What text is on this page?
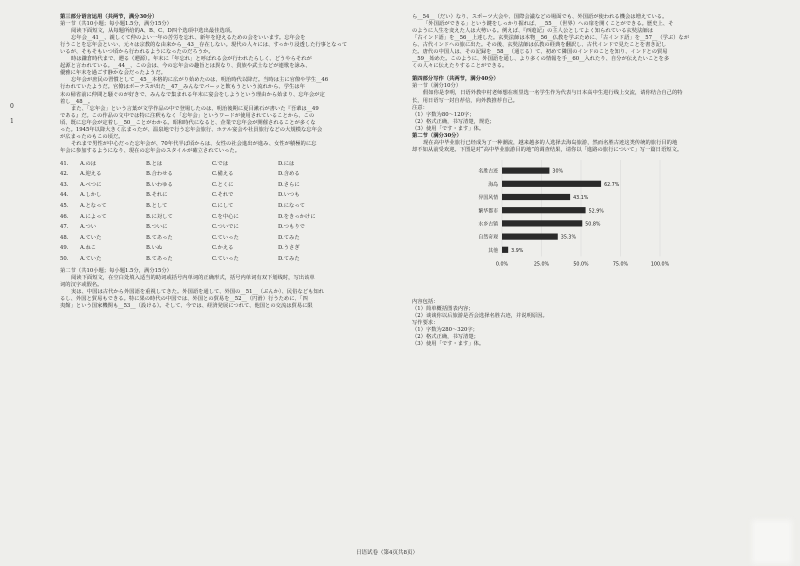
0
1

第三部分语言运用（共两节，满分30分）

第一节（共10小题；每小题1.5分，满分15分）

阅读下面短文，从每题所给的A、B、C、D四个选项中选出最佳选项。

忘年会__41__、親しくて仲のよい一年の苦労を忘れ、新年を迎えるための会をいいます。忘年会を

行うことを忘年会といい、元々は宗教的な由来から__43__存在しない。現代の人々には、すっかり浸透した行事となって

いるが、そもそもいつ頃から行われるようになったのだろうか。

時は鎌倉時代まで、遡る（遡源）。年末に「年忘れ」と呼ばれる会が行われたらしく、どうやらそれが

起源と言われている。__44__、この会は、今の忘年会の趣旨とは異なり、貴族や武士などが連歌を詠み、

優雅に年末を過ごす静かな会だったようだ。

忘年会が庶民の習慣として__45__本格的に広がり始めたのは、明治時代以降だ。当時は主に官僚や学生__46

行われていたようだ。官僚はボーナスが出た__47__みんなでパーッと飲もうという流れから、学生は年

末の帰省前に仲間と騒ぐのが好きで、みんなで集まれる年末に宴会をしようという理由から始まり、忘年会が定

着し__48__。

また、「忘年会」という言葉が文学作品の中で登場したのは、明治後期に夏目漱石が書いた『吾輩は__49

である』だ。この作品の文中では特に注釈もなく「忘年会」というワードが使用されていることから、この

頃、既に忘年会が定着し__50__ことがわかる。昭和時代になると、企業で忘年会が開催されることが多くな

った。1945年以降大きく広まったが、温泉地で行う忘年会旅行、ホテル宴会や社員旅行などの大規模な忘年会

が広まったのもこの頃だ。

それまで男性が中心だった忘年会が、70年代半ば頃からは、女性の社会進出が進み、女性が積極的に忘

年会に参加するようになり、現在の忘年会のスタイルが確立されていった。

41.	A.のは	B.とは	C.では	D.には
42.	A.迎える	B.合わせる	C.備える	D.含める
43.	A.べつに	B.いわゆる	C.とくに	D.さらに
44.	A.しかし	B.それに	C.それで	D.いつも
45.	A.となって	B.として	C.にして	D.になって
46.	A.によって	B.に対して	C.を中心に	D.をきっかけに
47.	A.つい	B.ついに	C.ついでに	D.つもりで
48.	A.ていた	B.てあった	C.ていった	D.てみた
49.	A.ねこ	B.いぬ	C.かえる	D.うさぎ
50.	A.ていた	B.てあった	C.ていった	D.てみた

第二节（共10小题；每小题1.5分，满分15分）

阅读下面短文，在空白处填入适当的助词或括号内单词的正确形式，括号内单词有双下划线时，写出该单

词的汉字或假名。

実は、中国は古代から外国語を重視してきた。外国語を通して、外国の__51__（ぶんか）、民俗なども知れ

るし、外国と貿易もできる。特に果の時代の中国では、外国との貿易を__52__（円滑）行うために、「四

夷館」という国家機関も__53__（設ける）。そして、今では、経済発展につれて、他国との交流は貿易に限

ら__54__（だい）なり、スポーツ大会や、国際会議などの場面でも、外国語が使われる機会は増えている。

「外国語ができる」という鍵をしっかり握れば、__55__（世界）への扉を開くことができる。歴史上、そ

のように人生を変えた人は大勢いる。例えば、『西遊記』の主人公としてよく知られている玄奘法師は

「古インド語」を__56__上達した。玄奘法師は本物__56__仏教を学ぶために、「古インド語」を__57__（学ぶ）なが

ら、古代インドへの旅に出た。その後、玄奘法師は仏教の経典を翻訳し、古代インドで見たことを書き記し

た。唐代の中国人は、その記録を__58__（通じる）て、初めて隣国のインドのことを知り、インドとの貿易

__59__始めた。このように、外国語を通し、より多くの情報を手__60__入れたり、自分が伝えたいことを多

くの人々に伝えたりすることができる。

第四部分写作（共两节，满分40分）

第一节（满分10分）

假如你是李明，日语外教中村老师想在班里选一名学生作为代表与日本高中生进行线上交流，请你结合自己的特

长，用日语写一封自荐信，向外教推荐自己。

注意：

（1）字数为80～120字；

（2）格式正确，书写清楚，规范；

（3）使用「です・ます」体。

第二节（满分30分）

现在高中毕业旅行已经成为了一种潮流，越来越多的人选择去海岛旅游，然而名胜古迹这类传统的旅行目的地

却不如从前受欢迎。下图是对“高中毕业旅游目的地”的调查结果，请你以「進路の旅行について」写一篇日语短文。

0.0%	25.0%	50.0%	75.0%	100.0%
名胜古迹	30%
海岛	62.7%
异国风情	43.1%
繁华都市	52.9%
水乡古镇	50.8%
自然奇观	35.3%
其他	3.9%

内容包括：

（1）简单概括图表内容；

（2）谈谈你以后旅游是否会选择名胜古迹，并说明原因。

写作要求：

（1）字数为280～320字；

（2）格式正确，书写清楚；

（3）使用「です・ます」体。

日语试卷（第4页共8页）
